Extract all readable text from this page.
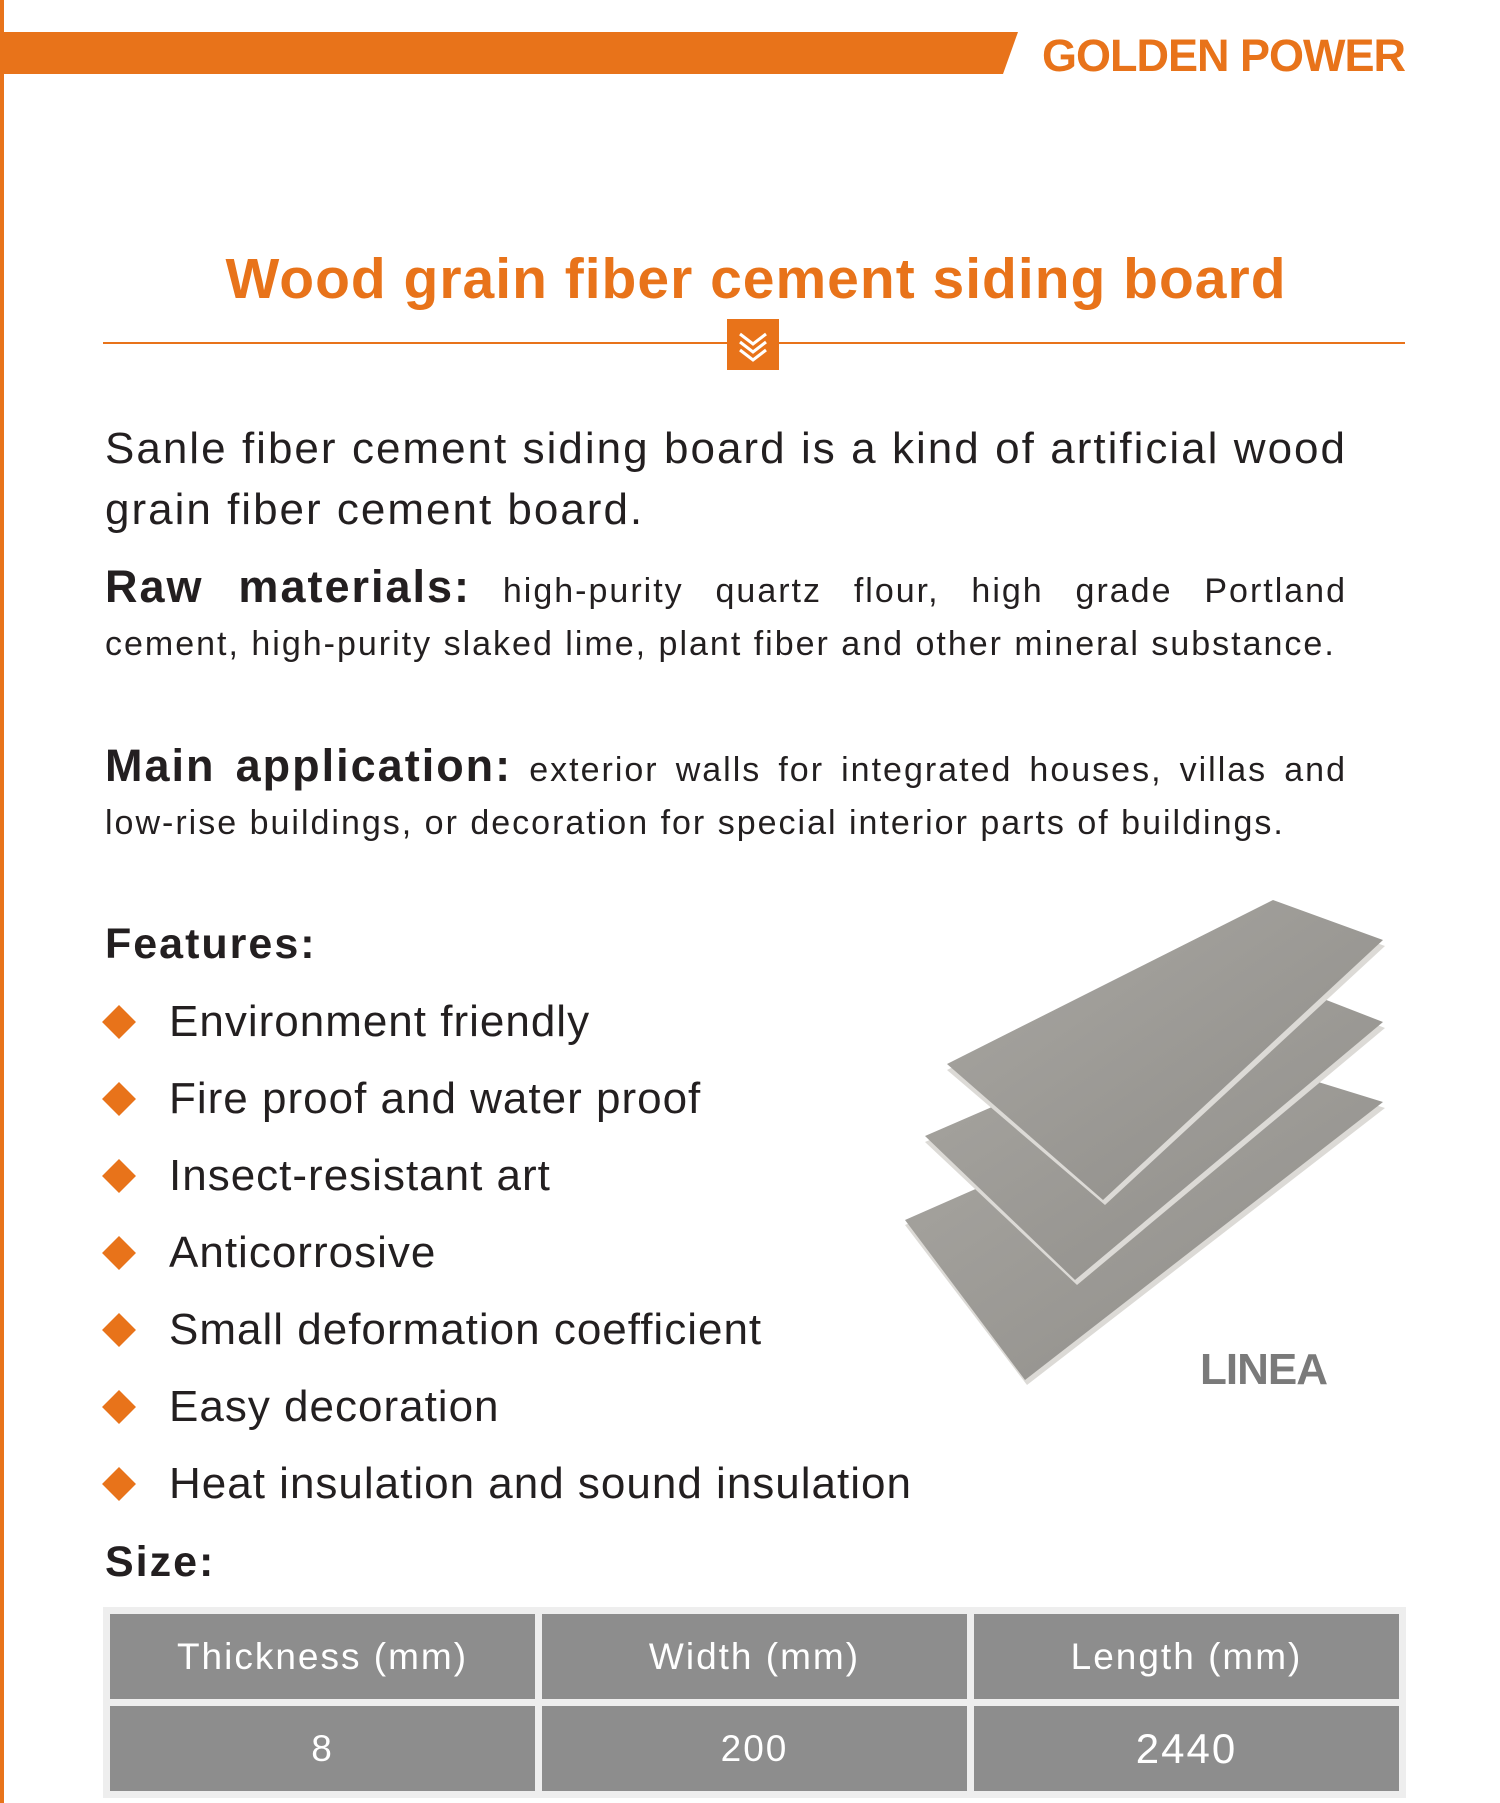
GOLDEN POWER
Wood grain fiber cement siding board
Sanle fiber cement siding board is a kind of artificial wood grain fiber cement board.
Raw materials: high-purity quartz flour, high grade Portland cement, high-purity slaked lime, plant fiber and other mineral substance.
Main application: exterior walls for integrated houses, villas and low-rise buildings, or decoration for special interior parts of buildings.
Features:
Environment friendly
Fire proof and water proof
Insect-resistant art
Anticorrosive
Small deformation coefficient
Easy decoration
Heat insulation and sound insulation
LINEA
Size:
Thickness (mm)	Width (mm)	Length (mm)
8	200	2440
